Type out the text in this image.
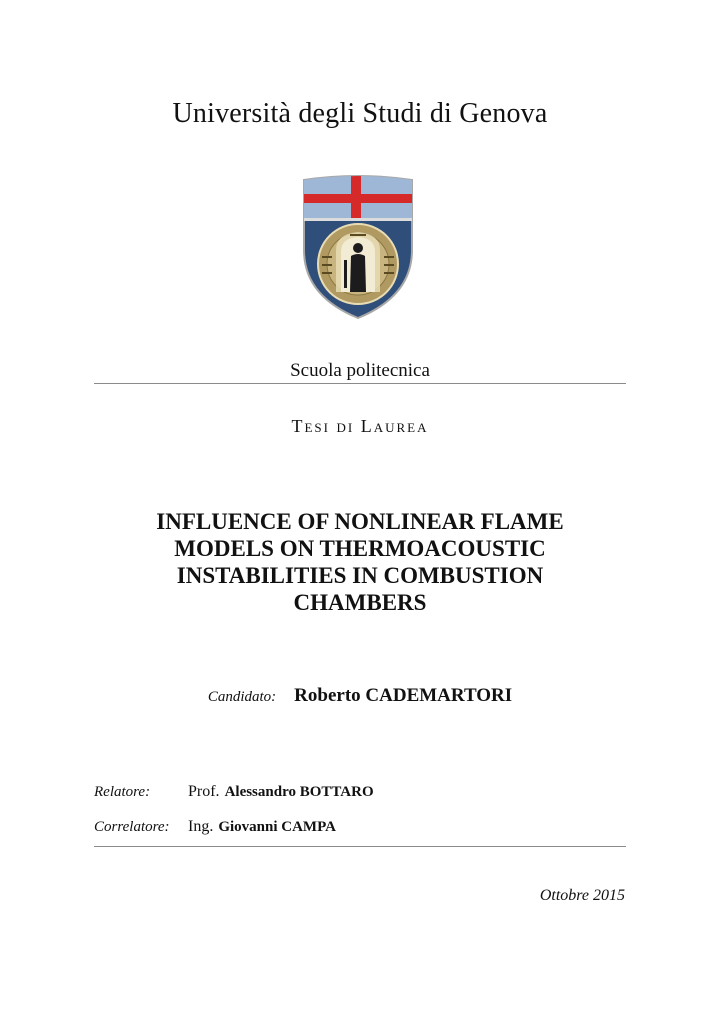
Università degli Studi di Genova
Scuola politecnica
Tesi di Laurea
INFLUENCE OF NONLINEAR FLAME MODELS ON THERMOACOUSTIC INSTABILITIES IN COMBUSTION CHAMBERS
Candidato: Roberto CADEMARTORI
Relatore: Prof. Alessandro BOTTARO
Correlatore: Ing. Giovanni CAMPA
Ottobre 2015
